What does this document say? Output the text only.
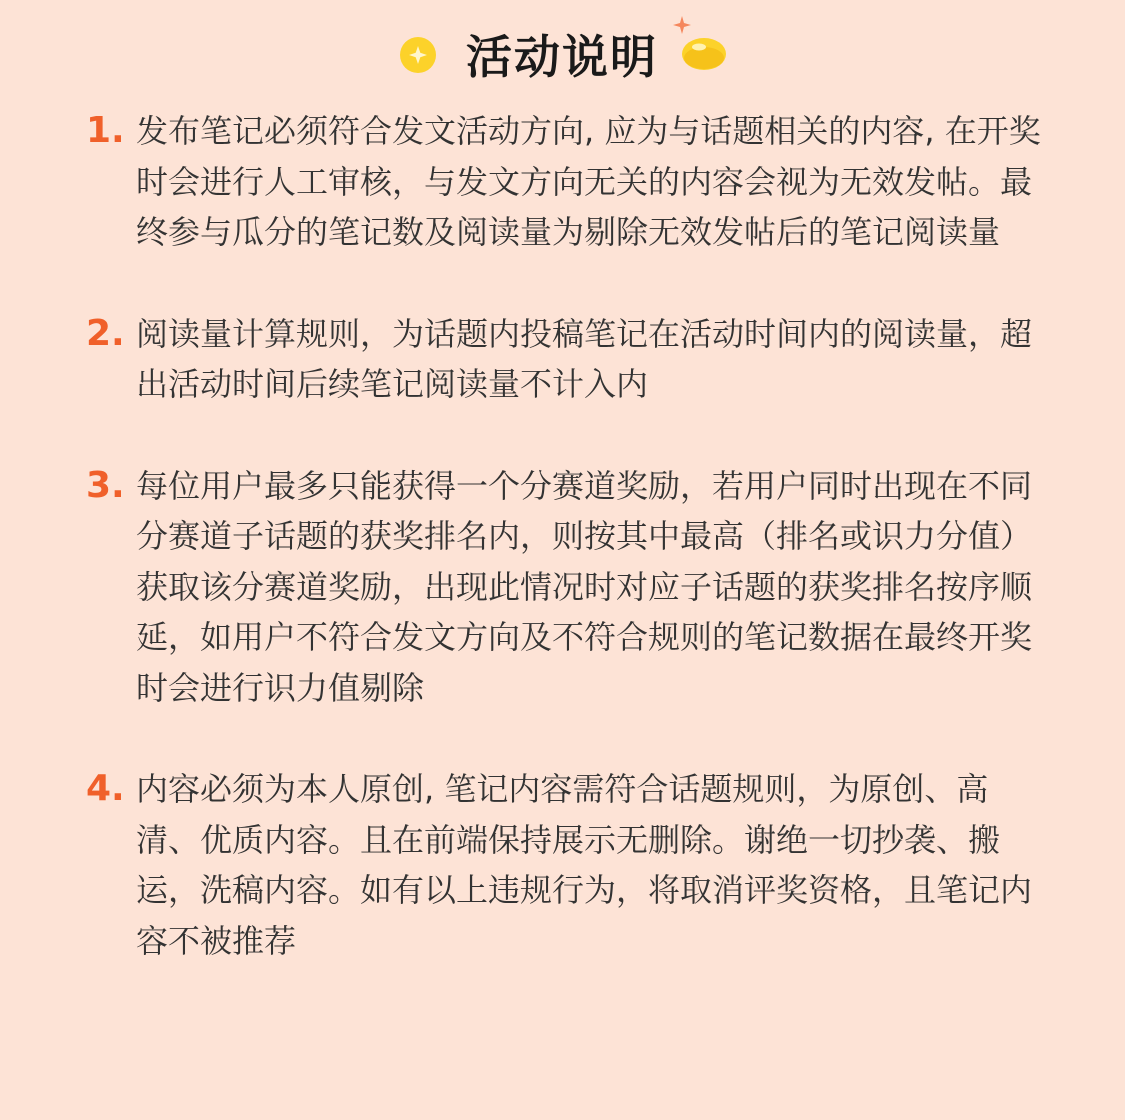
活动说明
1. 发布笔记必须符合发文活动方向, 应为与话题相关的内容, 在开奖时会进行人工审核，与发文方向无关的内容会视为无效发帖。最终参与瓜分的笔记数及阅读量为剔除无效发帖后的笔记阅读量
2. 阅读量计算规则，为话题内投稿笔记在活动时间内的阅读量，超出活动时间后续笔记阅读量不计入内
3. 每位用户最多只能获得一个分赛道奖励，若用户同时出现在不同分赛道子话题的获奖排名内，则按其中最高（排名或识力分值）获取该分赛道奖励，出现此情况时对应子话题的获奖排名按序顺延，如用户不符合发文方向及不符合规则的笔记数据在最终开奖时会进行识力值剔除
4. 内容必须为本人原创, 笔记内容需符合话题规则，为原创、高清、优质内容。且在前端保持展示无删除。谢绝一切抄袭、搬运，洗稿内容。如有以上违规行为，将取消评奖资格，且笔记内容不被推荐
